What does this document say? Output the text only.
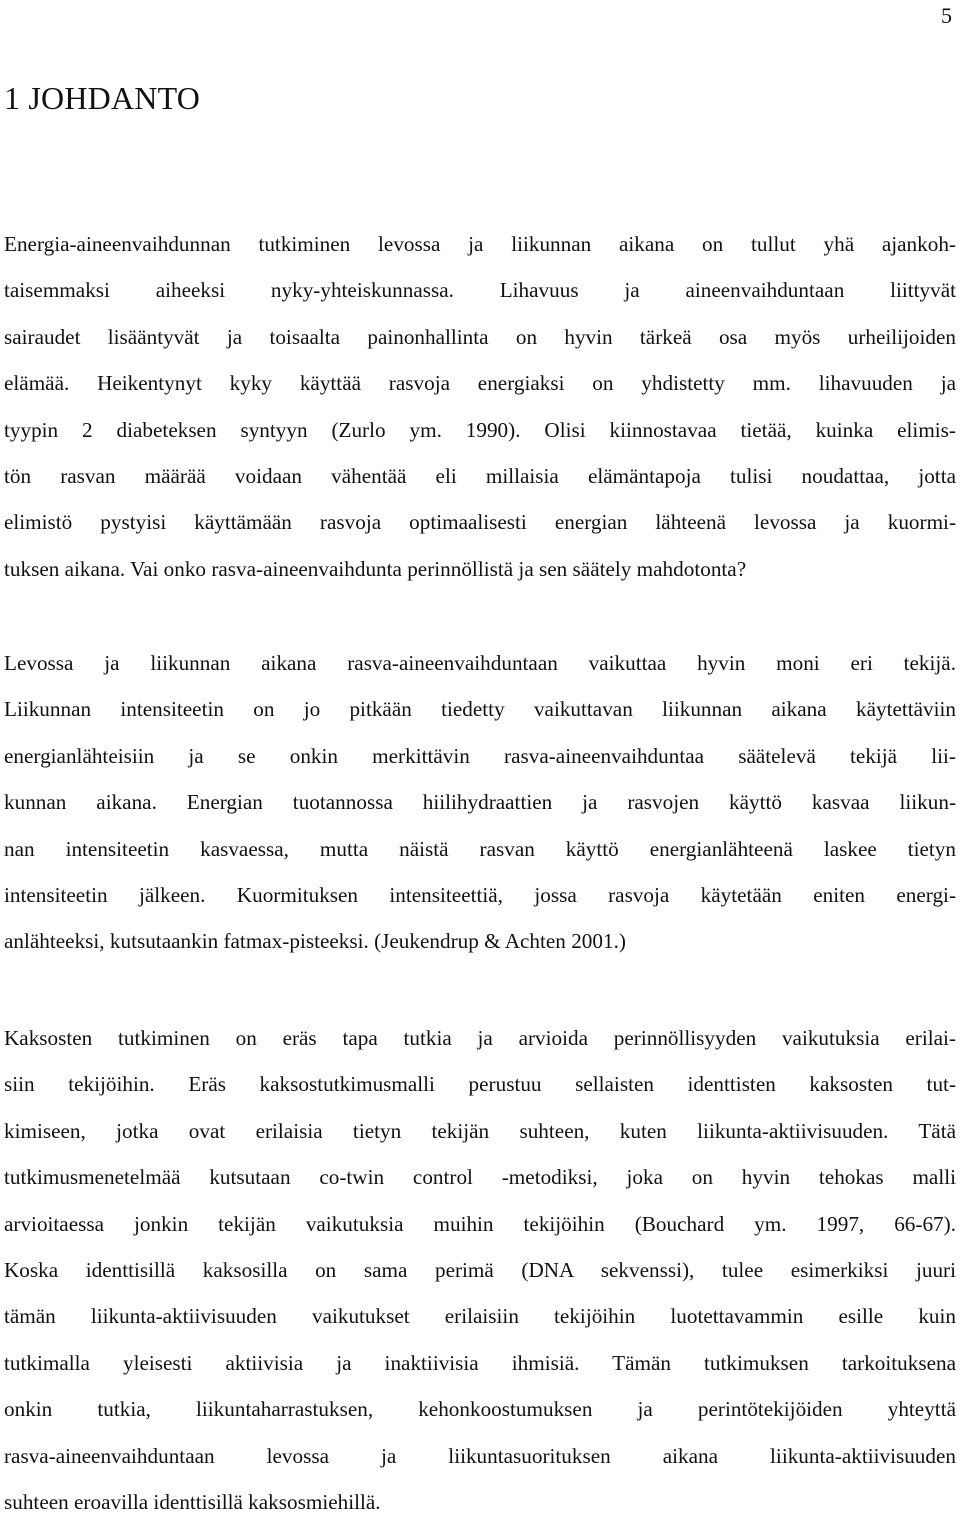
5
1 JOHDANTO

Energia-aineenvaihdunnan tutkiminen levossa ja liikunnan aikana on tullut yhä ajankoh-
taisemmaksi aiheeksi nyky-yhteiskunnassa. Lihavuus ja aineenvaihduntaan liittyvät
sairaudet lisääntyvät ja toisaalta painonhallinta on hyvin tärkeä osa myös urheilijoiden
elämää. Heikentynyt kyky käyttää rasvoja energiaksi on yhdistetty mm. lihavuuden ja
tyypin 2 diabeteksen syntyyn (Zurlo ym. 1990). Olisi kiinnostavaa tietää, kuinka elimis-
tön rasvan määrää voidaan vähentää eli millaisia elämäntapoja tulisi noudattaa, jotta
elimistö pystyisi käyttämään rasvoja optimaalisesti energian lähteenä levossa ja kuormi-
tuksen aikana. Vai onko rasva-aineenvaihdunta perinnöllistä ja sen säätely mahdotonta?

Levossa ja liikunnan aikana rasva-aineenvaihduntaan vaikuttaa hyvin moni eri tekijä.
Liikunnan intensiteetin on jo pitkään tiedetty vaikuttavan liikunnan aikana käytettäviin
energianlähteisiin ja se onkin merkittävin rasva-aineenvaihduntaa säätelevä tekijä lii-
kunnan aikana. Energian tuotannossa hiilihydraattien ja rasvojen käyttö kasvaa liikun-
nan intensiteetin kasvaessa, mutta näistä rasvan käyttö energianlähteenä laskee tietyn
intensiteetin jälkeen. Kuormituksen intensiteettiä, jossa rasvoja käytetään eniten energi-
anlähteeksi, kutsutaankin fatmax-pisteeksi. (Jeukendrup & Achten 2001.)

Kaksosten tutkiminen on eräs tapa tutkia ja arvioida perinnöllisyyden vaikutuksia erilai-
siin tekijöihin. Eräs kaksostutkimusmalli perustuu sellaisten identtisten kaksosten tut-
kimiseen, jotka ovat erilaisia tietyn tekijän suhteen, kuten liikunta-aktiivisuuden. Tätä
tutkimusmenetelmää kutsutaan co-twin control -metodiksi, joka on hyvin tehokas malli
arvioitaessa jonkin tekijän vaikutuksia muihin tekijöihin (Bouchard ym. 1997, 66-67).
Koska identtisillä kaksosilla on sama perimä (DNA sekvenssi), tulee esimerkiksi juuri
tämän liikunta-aktiivisuuden vaikutukset erilaisiin tekijöihin luotettavammin esille kuin
tutkimalla yleisesti aktiivisia ja inaktiivisia ihmisiä. Tämän tutkimuksen tarkoituksena
onkin tutkia, liikuntaharrastuksen, kehonkoostumuksen ja perintötekijöiden yhteyttä
rasva-aineenvaihduntaan levossa ja liikuntasuorituksen aikana liikunta-aktiivisuuden
suhteen eroavilla identtisillä kaksosmiehillä.
